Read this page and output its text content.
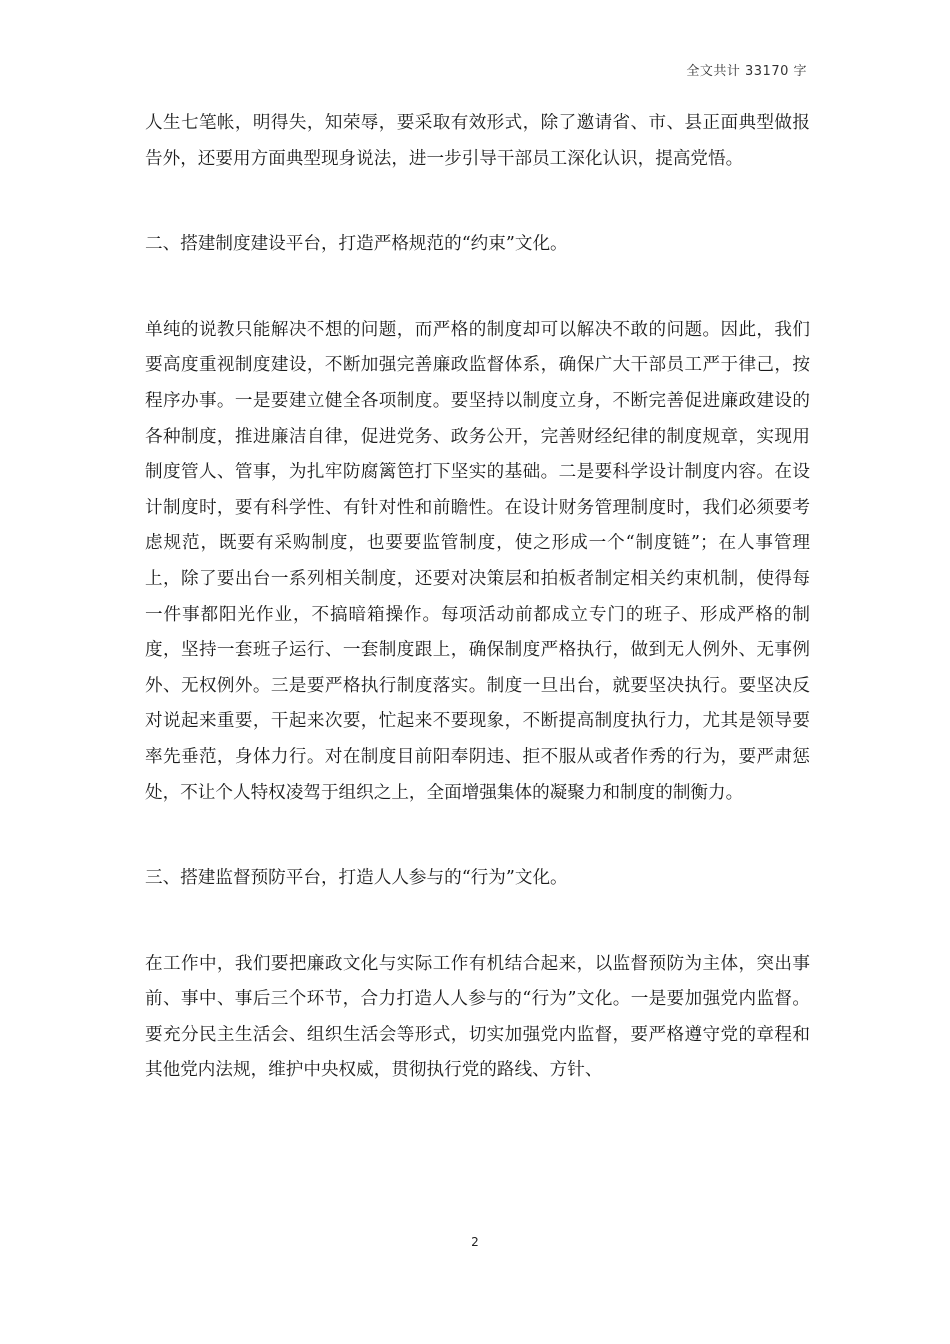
全文共计 33170 字

人生七笔帐，明得失，知荣辱，要采取有效形式，除了邀请省、市、县正面典型做报告外，还要用方面典型现身说法，进一步引导干部员工深化认识，提高党悟。

二、搭建制度建设平台，打造严格规范的“约束”文化。

单纯的说教只能解决不想的问题，而严格的制度却可以解决不敢的问题。因此，我们要高度重视制度建设，不断加强完善廉政监督体系，确保广大干部员工严于律己，按程序办事。一是要建立健全各项制度。要坚持以制度立身，不断完善促进廉政建设的各种制度，推进廉洁自律，促进党务、政务公开，完善财经纪律的制度规章，实现用制度管人、管事，为扎牢防腐篱笆打下坚实的基础。二是要科学设计制度内容。在设计制度时，要有科学性、有针对性和前瞻性。在设计财务管理制度时，我们必须要考虑规范，既要有采购制度，也要要监管制度，使之形成一个“制度链”；在人事管理上，除了要出台一系列相关制度，还要对决策层和拍板者制定相关约束机制，使得每一件事都阳光作业，不搞暗箱操作。每项活动前都成立专门的班子、形成严格的制度，坚持一套班子运行、一套制度跟上，确保制度严格执行，做到无人例外、无事例外、无权例外。三是要严格执行制度落实。制度一旦出台，就要坚决执行。要坚决反对说起来重要，干起来次要，忙起来不要现象，不断提高制度执行力，尤其是领导要率先垂范，身体力行。对在制度目前阳奉阴违、拒不服从或者作秀的行为，要严肃惩处，不让个人特权凌驾于组织之上，全面增强集体的凝聚力和制度的制衡力。

三、搭建监督预防平台，打造人人参与的“行为”文化。

在工作中，我们要把廉政文化与实际工作有机结合起来，以监督预防为主体，突出事前、事中、事后三个环节，合力打造人人参与的“行为”文化。一是要加强党内监督。要充分民主生活会、组织生活会等形式，切实加强党内监督，要严格遵守党的章程和其他党内法规，维护中央权威，贯彻执行党的路线、方针、

2
